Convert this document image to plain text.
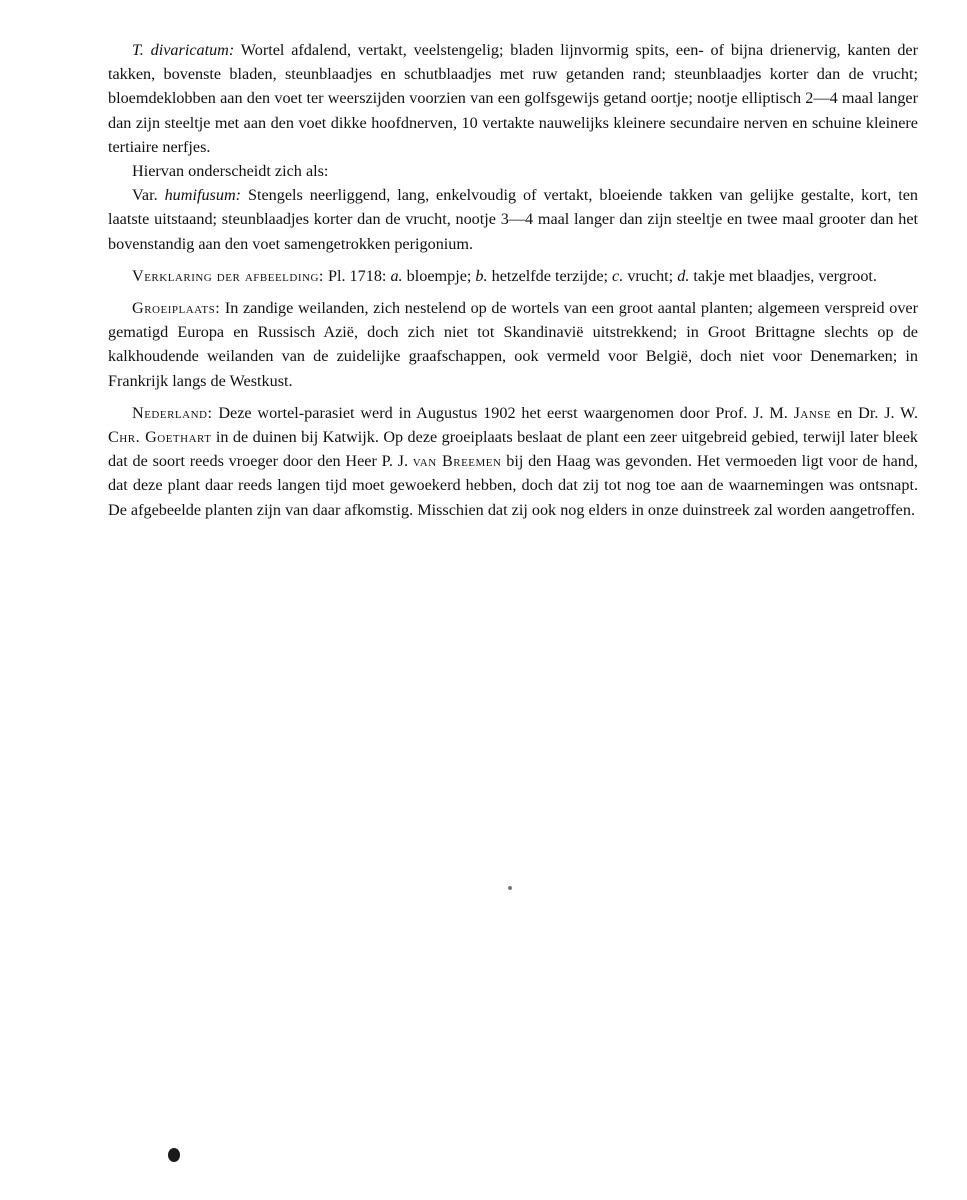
T. divaricatum: Wortel afdalend, vertakt, veelstengelig; bladen lijnvormig spits, een- of bijna drienervig, kanten der takken, bovenste bladen, steunblaadjes en schutblaadjes met ruw getanden rand; steunblaadjes korter dan de vrucht; bloemdeklobben aan den voet ter weerszijden voorzien van een golfsgewijs getand oortje; nootje elliptisch 2—4 maal langer dan zijn steeltje met aan den voet dikke hoofdnerven, 10 vertakte nauwelijks kleinere secundaire nerven en schuine kleinere tertiaire nerfjes.

Hiervan onderscheidt zich als:

Var. humifusum: Stengels neerliggend, lang, enkelvoudig of vertakt, bloeiende takken van gelijke gestalte, kort, ten laatste uitstaand; steunblaadjes korter dan de vrucht, nootje 3—4 maal langer dan zijn steeltje en twee maal grooter dan het bovenstandig aan den voet samengetrokken perigonium.

Verklaring der afbeelding: Pl. 1718: a. bloempje; b. hetzelfde terzijde; c. vrucht; d. takje met blaadjes, vergroot.

Groeiplaats: In zandige weilanden, zich nestelend op de wortels van een groot aantal planten; algemeen verspreid over gematigd Europa en Russisch Azië, doch zich niet tot Skandinavië uitstrekkend; in Groot Brittagne slechts op de kalkhoudende weilanden van de zuidelijke graafschappen, ook vermeld voor België, doch niet voor Denemarken; in Frankrijk langs de Westkust.

Nederland: Deze wortel-parasiet werd in Augustus 1902 het eerst waargenomen door Prof. J. M. Janse en Dr. J. W. Chr. Goethart in de duinen bij Katwijk. Op deze groeiplaats beslaat de plant een zeer uitgebreid gebied, terwijl later bleek dat de soort reeds vroeger door den Heer P. J. van Breemen bij den Haag was gevonden. Het vermoeden ligt voor de hand, dat deze plant daar reeds langen tijd moet gewoekerd hebben, doch dat zij tot nog toe aan de waarnemingen was ontsnapt. De afgebeelde planten zijn van daar afkomstig. Misschien dat zij ook nog elders in onze duinstreek zal worden aangetroffen.
